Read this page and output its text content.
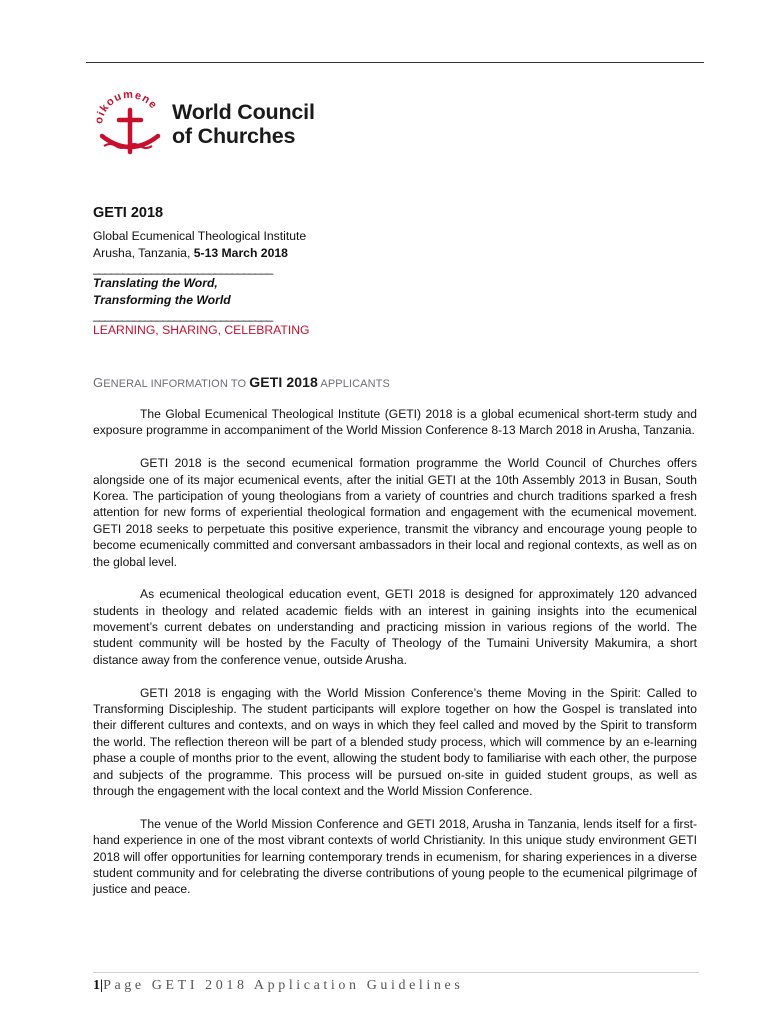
oikoumene World Council
of Churches

GETI 2018

Global Ecumenical Theological Institute

Arusha, Tanzania, 5-13 March 2018

_______________________________

Translating the Word,

Transforming the World

_______________________________

LEARNING, SHARING, CELEBRATING

GENERAL INFORMATION TO GETI 2018 APPLICANTS

The Global Ecumenical Theological Institute (GETI) 2018 is a global ecumenical short-term study and exposure programme in accompaniment of the World Mission Conference 8-13 March 2018 in Arusha, Tanzania.

GETI 2018 is the second ecumenical formation programme the World Council of Churches offers alongside one of its major ecumenical events, after the initial GETI at the 10th Assembly 2013 in Busan, South Korea. The participation of young theologians from a variety of countries and church traditions sparked a fresh attention for new forms of experiential theological formation and engagement with the ecumenical movement. GETI 2018 seeks to perpetuate this positive experience, transmit the vibrancy and encourage young people to become ecumenically committed and conversant ambassadors in their local and regional contexts, as well as on the global level.

As ecumenical theological education event, GETI 2018 is designed for approximately 120 advanced students in theology and related academic fields with an interest in gaining insights into the ecumenical movement’s current debates on understanding and practicing mission in various regions of the world. The student community will be hosted by the Faculty of Theology of the Tumaini University Makumira, a short distance away from the conference venue, outside Arusha.

GETI 2018 is engaging with the World Mission Conference’s theme Moving in the Spirit: Called to Transforming Discipleship. The student participants will explore together on how the Gospel is translated into their different cultures and contexts, and on ways in which they feel called and moved by the Spirit to transform the world. The reflection thereon will be part of a blended study process, which will commence by an e-learning phase a couple of months prior to the event, allowing the student body to familiarise with each other, the purpose and subjects of the programme. This process will be pursued on-site in guided student groups, as well as through the engagement with the local context and the World Mission Conference.

The venue of the World Mission Conference and GETI 2018, Arusha in Tanzania, lends itself for a first-hand experience in one of the most vibrant contexts of world Christianity. In this unique study environment GETI 2018 will offer opportunities for learning contemporary trends in ecumenism, for sharing experiences in a diverse student community and for celebrating the diverse contributions of young people to the ecumenical pilgrimage of justice and peace.

1|Page GETI 2018 Application Guidelines
